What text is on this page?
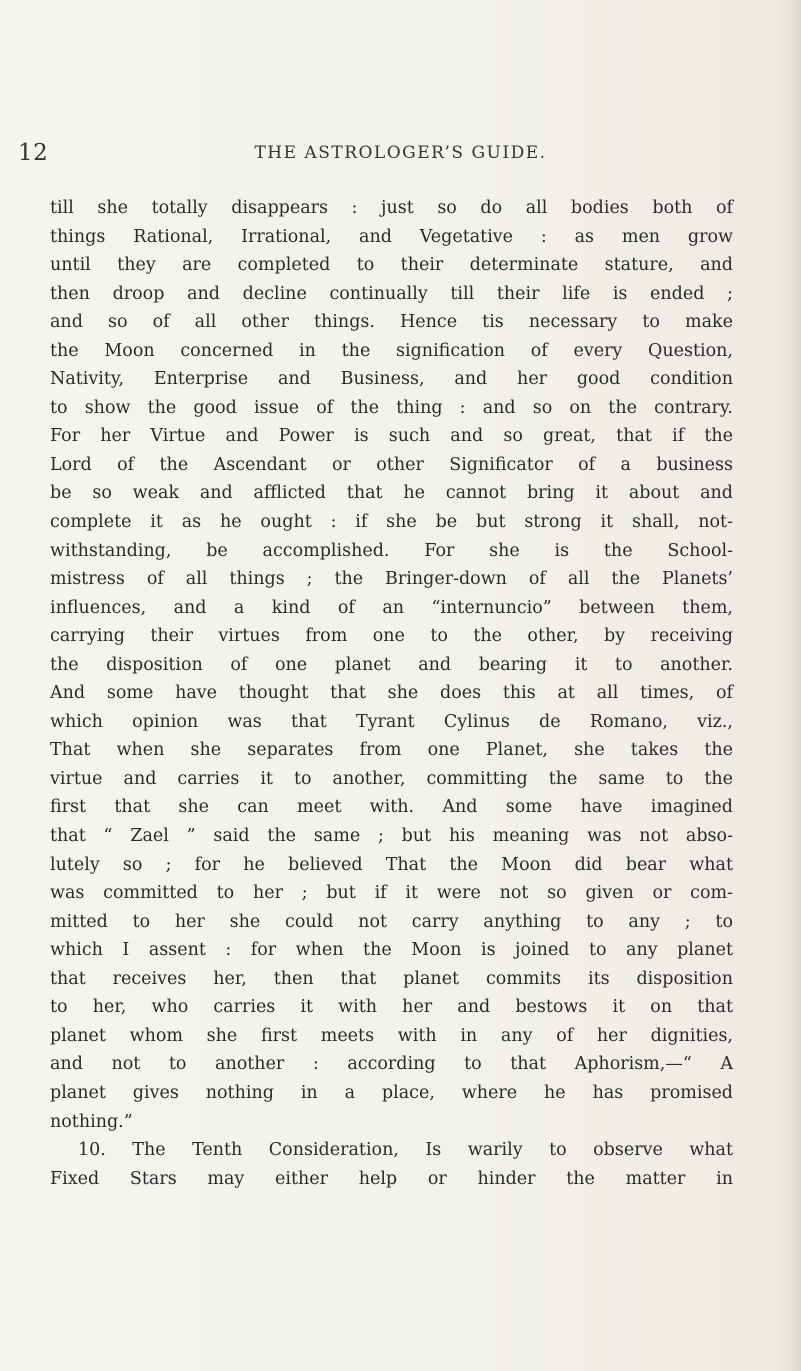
12	THE ASTROLOGER’S GUIDE.
till she totally disappears : just so do all bodies both of
things Rational, Irrational, and Vegetative : as men grow
until they are completed to their determinate stature, and
then droop and decline continually till their life is ended ;
and so of all other things. Hence tis necessary to make
the Moon concerned in the signification of every Question,
Nativity, Enterprise and Business, and her good condition
to show the good issue of the thing : and so on the contrary.
For her Virtue and Power is such and so great, that if the
Lord of the Ascendant or other Significator of a business
be so weak and afflicted that he cannot bring it about and
complete it as he ought : if she be but strong it shall, not-
withstanding, be accomplished. For she is the School-
mistress of all things ; the Bringer-down of all the Planets’
influences, and a kind of an “internuncio” between them,
carrying their virtues from one to the other, by receiving
the disposition of one planet and bearing it to another.
And some have thought that she does this at all times, of
which opinion was that Tyrant Cylinus de Romano, viz.,
That when she separates from one Planet, she takes the
virtue and carries it to another, committing the same to the
first that she can meet with. And some have imagined
that “ Zael ” said the same ; but his meaning was not abso-
lutely so ; for he believed That the Moon did bear what
was committed to her ; but if it were not so given or com-
mitted to her she could not carry anything to any ; to
which I assent : for when the Moon is joined to any planet
that receives her, then that planet commits its disposition
to her, who carries it with her and bestows it on that
planet whom she first meets with in any of her dignities,
and not to another : according to that Aphorism,—“ A
planet gives nothing in a place, where he has promised
nothing.”
10. The Tenth Consideration, Is warily to observe what
Fixed Stars may either help or hinder the matter in
